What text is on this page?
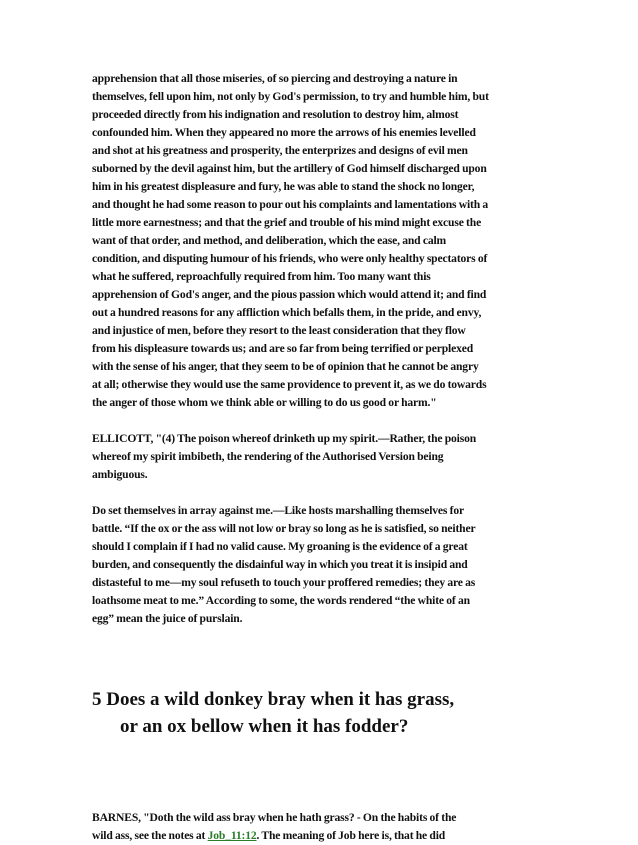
apprehension that all those miseries, of so piercing and destroying a nature in
themselves, fell upon him, not only by God's permission, to try and humble him, but
proceeded directly from his indignation and resolution to destroy him, almost
confounded him. When they appeared no more the arrows of his enemies levelled
and shot at his greatness and prosperity, the enterprizes and designs of evil men
suborned by the devil against him, but the artillery of God himself discharged upon
him in his greatest displeasure and fury, he was able to stand the shock no longer,
and thought he had some reason to pour out his complaints and lamentations with a
little more earnestness; and that the grief and trouble of his mind might excuse the
want of that order, and method, and deliberation, which the ease, and calm
condition, and disputing humour of his friends, who were only healthy spectators of
what he suffered, reproachfully required from him. Too many want this
apprehension of God's anger, and the pious passion which would attend it; and find
out a hundred reasons for any affliction which befalls them, in the pride, and envy,
and injustice of men, before they resort to the least consideration that they flow
from his displeasure towards us; and are so far from being terrified or perplexed
with the sense of his anger, that they seem to be of opinion that he cannot be angry
at all; otherwise they would use the same providence to prevent it, as we do towards
the anger of those whom we think able or willing to do us good or harm."

ELLICOTT, "(4) The poison whereof drinketh up my spirit.—Rather, the poison
whereof my spirit imbibeth, the rendering of the Authorised Version being
ambiguous.

Do set themselves in array against me.—Like hosts marshalling themselves for
battle. “If the ox or the ass will not low or bray so long as he is satisfied, so neither
should I complain if I had no valid cause. My groaning is the evidence of a great
burden, and consequently the disdainful way in which you treat it is insipid and
distasteful to me—my soul refuseth to touch your proffered remedies; they are as
loathsome meat to me.” According to some, the words rendered “the white of an
egg” mean the juice of purslain.

5 Does a wild donkey bray when it has grass,
or an ox bellow when it has fodder?

BARNES, "Doth the wild ass bray when he hath grass? - On the habits of the
wild ass, see the notes at Job_11:12. The meaning of Job here is, that he did
